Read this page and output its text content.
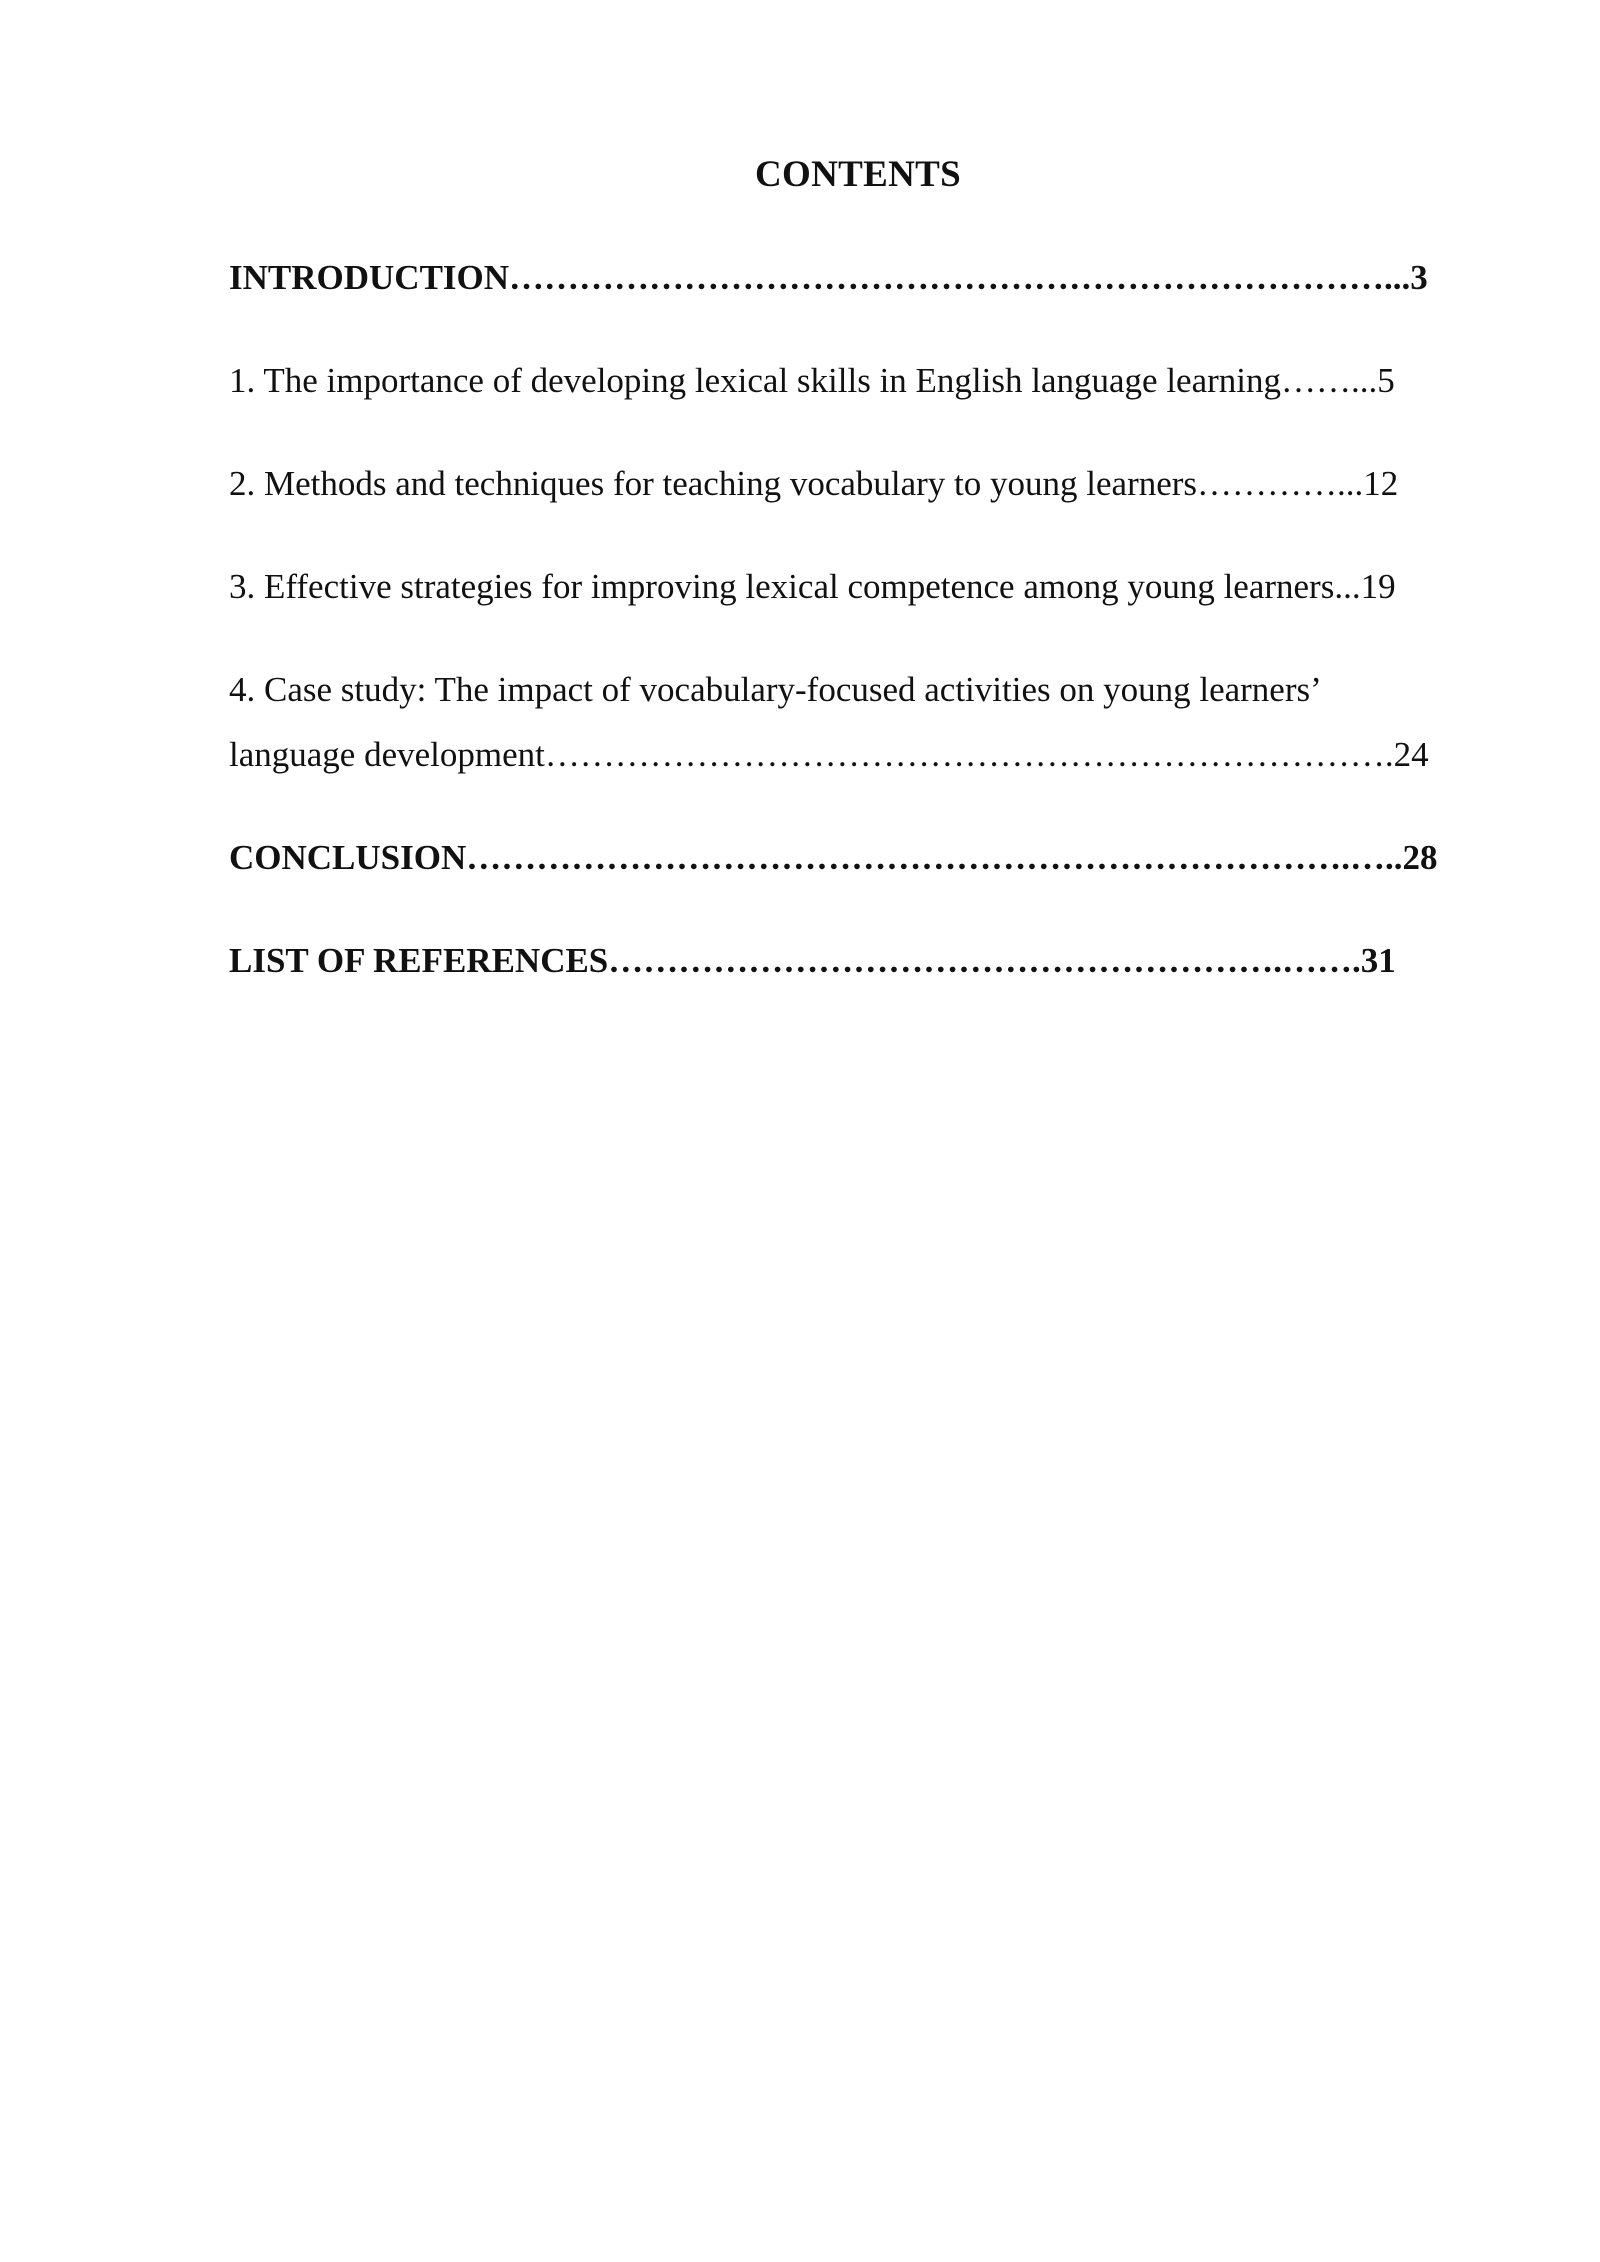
CONTENTS
INTRODUCTION…………………………………………………………………...3
1. The importance of developing lexical skills in English language learning……...5
2. Methods and techniques for teaching vocabulary to young learners…………...12
3. Effective strategies for improving lexical competence among young learners...19
4. Case study: The impact of vocabulary-focused activities on young learners’
language development……………………………………………………………….24
CONCLUSION………………………………………………………………….…..28
LIST OF REFERENCES………………………………………………….…….31
